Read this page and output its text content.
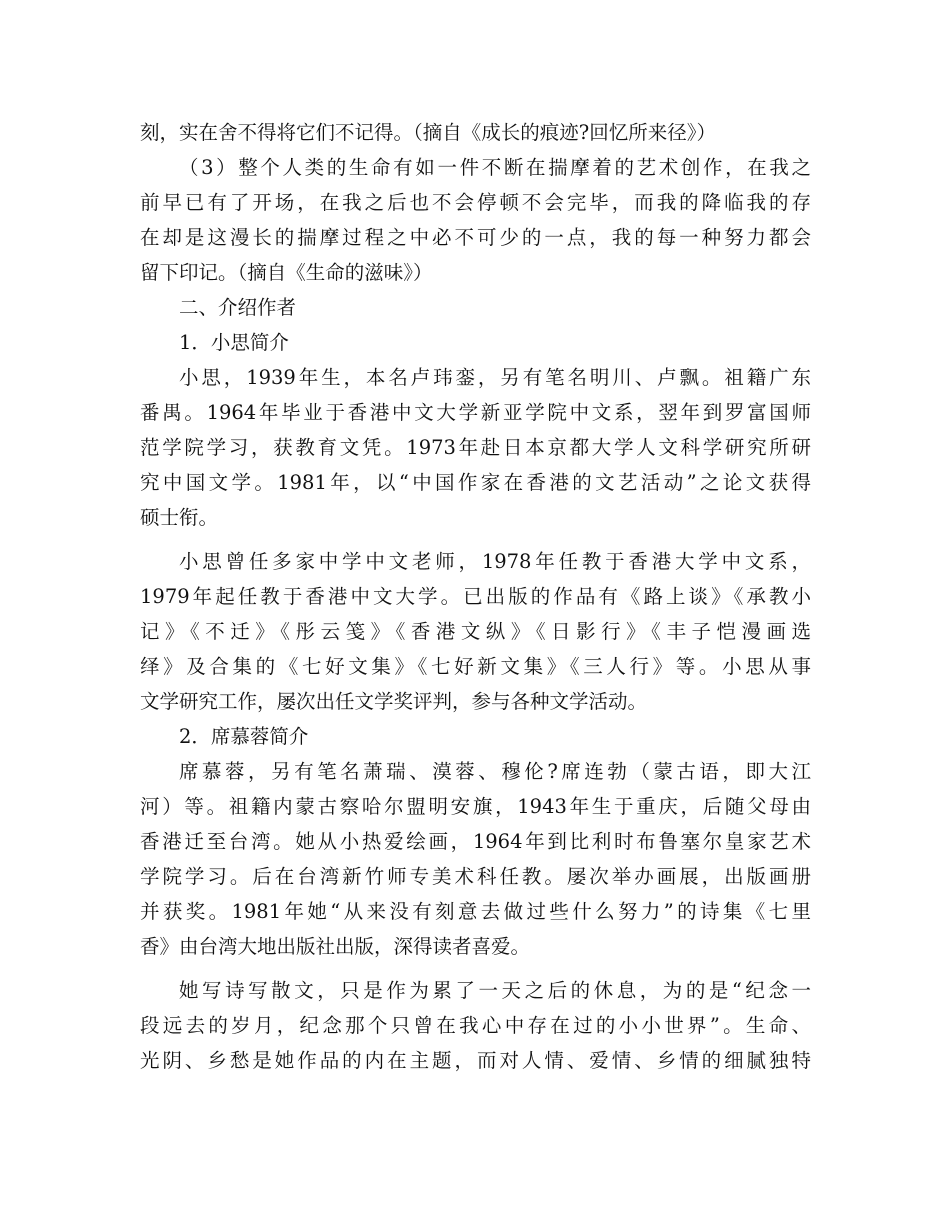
刻，实在舍不得将它们不记得。（摘自《成长的痕迹?回忆所来径》）

（3）整个人类的生命有如一件不断在揣摩着的艺术创作，在我之

前早已有了开场，在我之后也不会停顿不会完毕，而我的降临我的存

在却是这漫长的揣摩过程之中必不可少的一点，我的每一种努力都会

留下印记。（摘自《生命的滋味》）

二、介绍作者

1．小思简介

小思，1939年生，本名卢玮銮，另有笔名明川、卢飘。祖籍广东

番禺。1964年毕业于香港中文大学新亚学院中文系，翌年到罗富国师

范学院学习，获教育文凭。1973年赴日本京都大学人文科学研究所研

究中国文学。1981年，以“中国作家在香港的文艺活动”之论文获得

硕士衔。

小思曾任多家中学中文老师，1978年任教于香港大学中文系，

1979年起任教于香港中文大学。已出版的作品有《路上谈》《承教小

记》《不迁》《彤云笺》《香港文纵》《日影行》《丰子恺漫画选

绎》及合集的《七好文集》《七好新文集》《三人行》等。小思从事

文学研究工作，屡次出任文学奖评判，参与各种文学活动。

2．席慕蓉简介

席慕蓉，另有笔名萧瑞、漠蓉、穆伦?席连勃（蒙古语，即大江

河）等。祖籍内蒙古察哈尔盟明安旗，1943年生于重庆，后随父母由

香港迁至台湾。她从小热爱绘画，1964年到比利时布鲁塞尔皇家艺术

学院学习。后在台湾新竹师专美术科任教。屡次举办画展，出版画册

并获奖。1981年她“从来没有刻意去做过些什么努力”的诗集《七里

香》由台湾大地出版社出版，深得读者喜爱。

她写诗写散文，只是作为累了一天之后的休息，为的是“纪念一

段远去的岁月，纪念那个只曾在我心中存在过的小小世界”。生命、

光阴、乡愁是她作品的内在主题，而对人情、爱情、乡情的细腻独特
